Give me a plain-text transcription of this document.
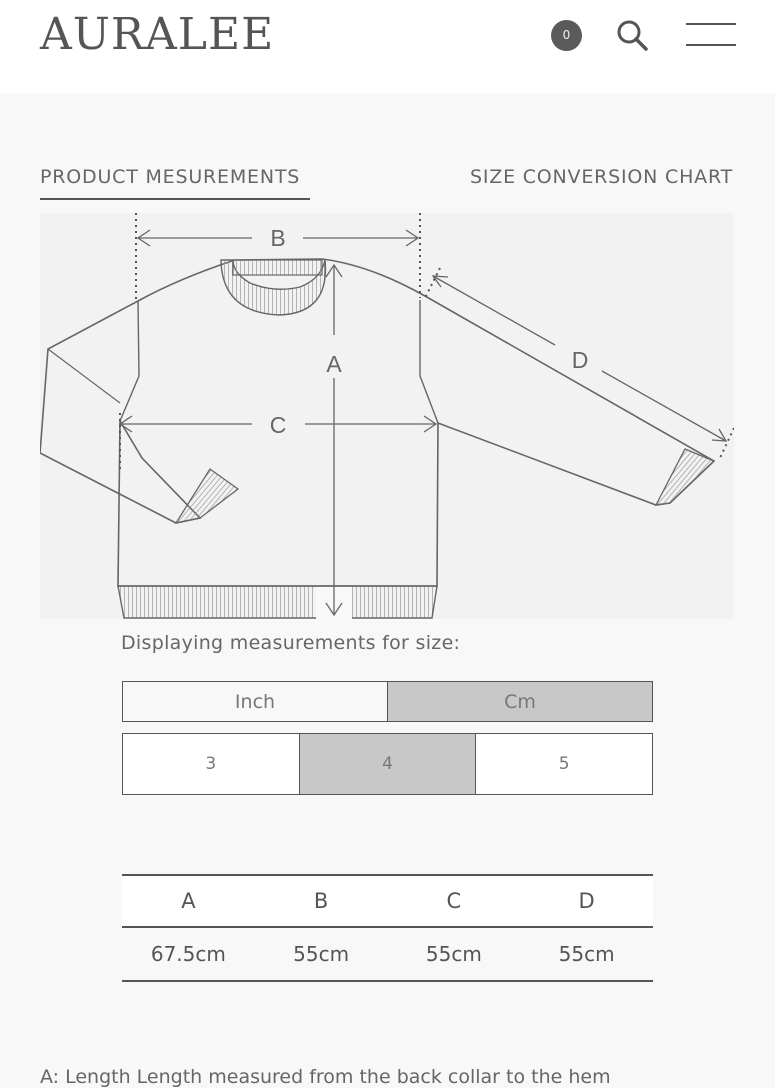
AURALEE	0
PRODUCT MESUREMENTS	SIZE CONVERSION CHART
B
C
A	D
Displaying measurements for size:
Inch	Cm
3	4	5
A	B	C	D
67.5cm	55cm	55cm	55cm
A: Length Length measured from the back collar to the hem
